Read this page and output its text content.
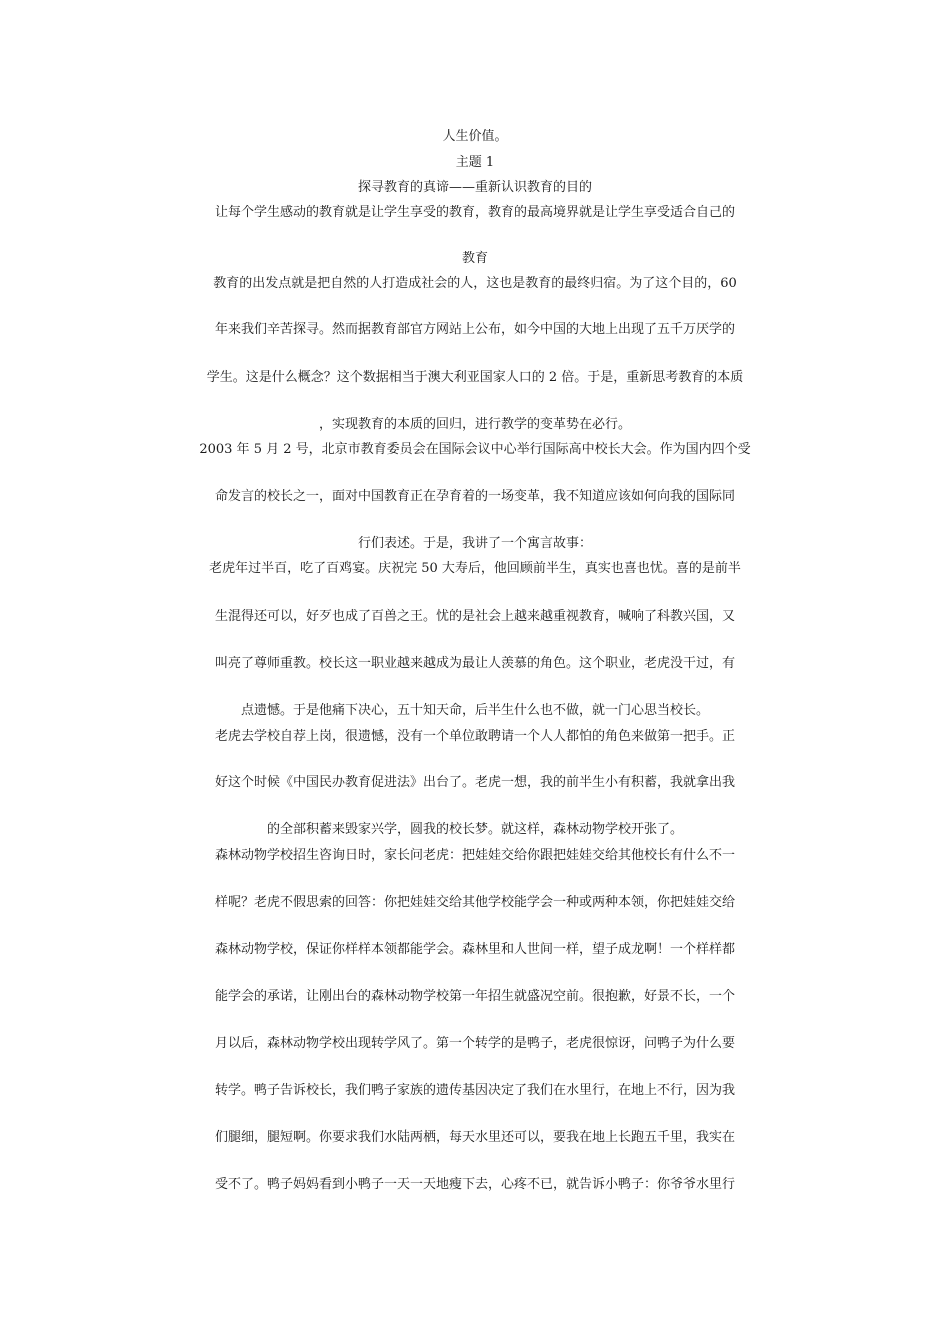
人生价值。
主题 1
探寻教育的真谛——重新认识教育的目的
让每个学生感动的教育就是让学生享受的教育，教育的最高境界就是让学生享受适合自己的
教育
教育的出发点就是把自然的人打造成社会的人，这也是教育的最终归宿。为了这个目的，60
年来我们辛苦探寻。然而据教育部官方网站上公布，如今中国的大地上出现了五千万厌学的
学生。这是什么概念？这个数据相当于澳大利亚国家人口的 2 倍。于是，重新思考教育的本质
，实现教育的本质的回归，进行教学的变革势在必行。
2003 年 5 月 2 号，北京市教育委员会在国际会议中心举行国际高中校长大会。作为国内四个受
命发言的校长之一，面对中国教育正在孕育着的一场变革，我不知道应该如何向我的国际同
行们表述。于是，我讲了一个寓言故事：
老虎年过半百，吃了百鸡宴。庆祝完 50 大寿后，他回顾前半生，真实也喜也忧。喜的是前半
生混得还可以，好歹也成了百兽之王。忧的是社会上越来越重视教育，喊响了科教兴国，又
叫亮了尊师重教。校长这一职业越来越成为最让人羡慕的角色。这个职业，老虎没干过，有
点遗憾。于是他痛下决心，五十知天命，后半生什么也不做，就一门心思当校长。
老虎去学校自荐上岗，很遗憾，没有一个单位敢聘请一个人人都怕的角色来做第一把手。正
好这个时候《中国民办教育促进法》出台了。老虎一想，我的前半生小有积蓄，我就拿出我
的全部积蓄来毁家兴学，圆我的校长梦。就这样，森林动物学校开张了。
森林动物学校招生咨询日时，家长问老虎：把娃娃交给你跟把娃娃交给其他校长有什么不一
样呢？老虎不假思索的回答：你把娃娃交给其他学校能学会一种或两种本领，你把娃娃交给
森林动物学校，保证你样样本领都能学会。森林里和人世间一样，望子成龙啊！一个样样都
能学会的承诺，让刚出台的森林动物学校第一年招生就盛况空前。很抱歉，好景不长，一个
月以后，森林动物学校出现转学风了。第一个转学的是鸭子，老虎很惊讶，问鸭子为什么要
转学。鸭子告诉校长，我们鸭子家族的遗传基因决定了我们在水里行，在地上不行，因为我
们腿细，腿短啊。你要求我们水陆两栖，每天水里还可以，要我在地上长跑五千里，我实在
受不了。鸭子妈妈看到小鸭子一天一天地瘦下去，心疼不已，就告诉小鸭子：你爷爷水里行
